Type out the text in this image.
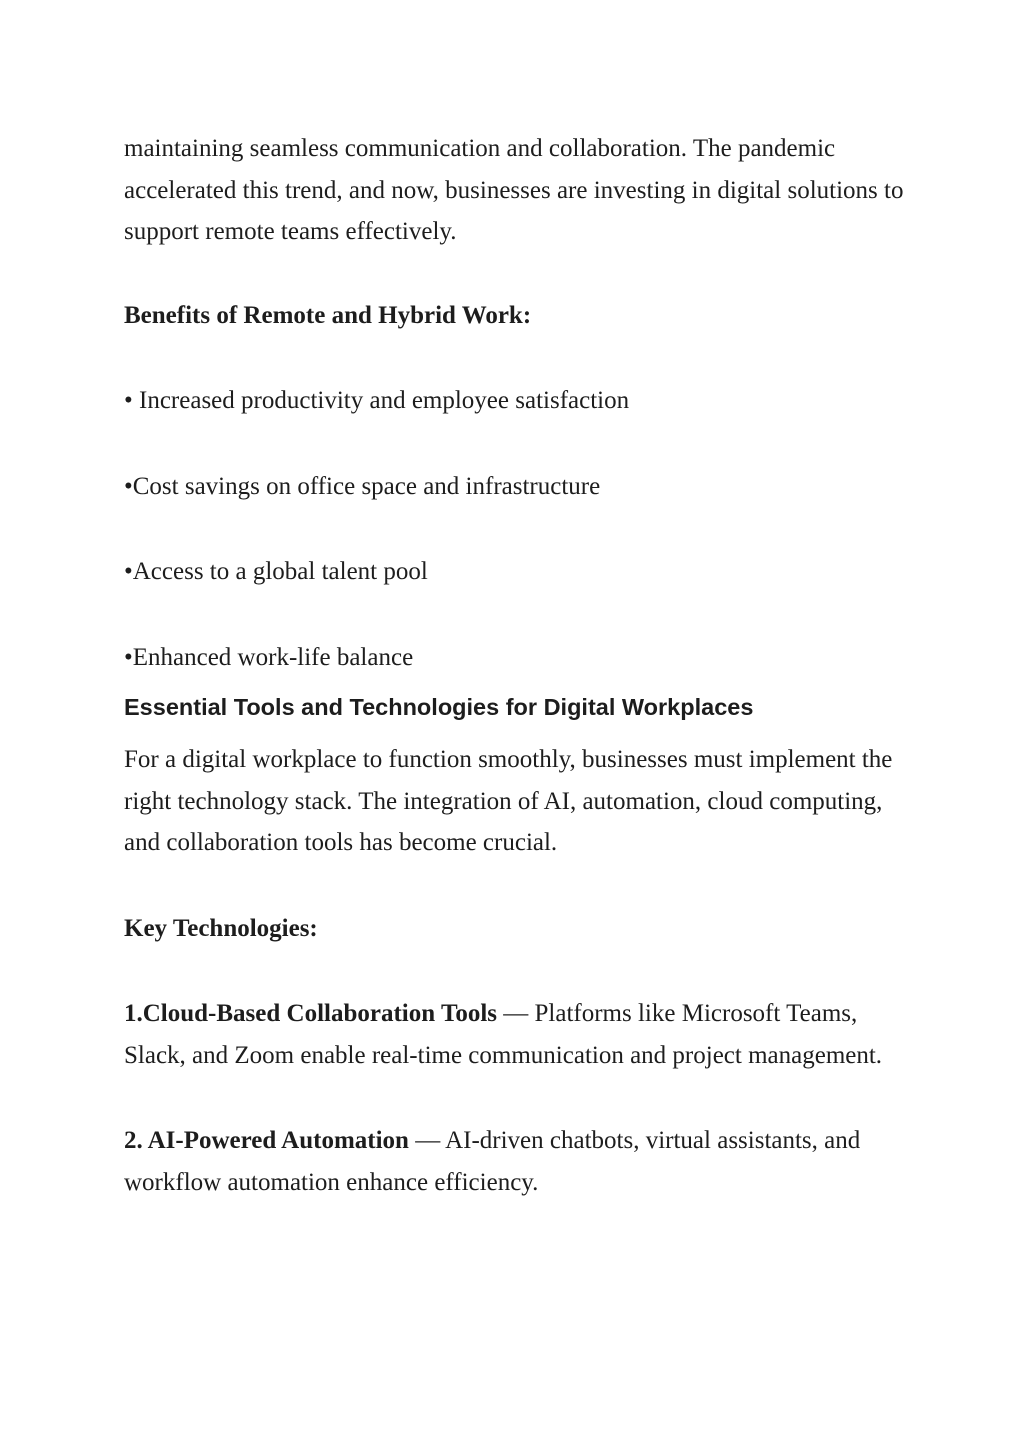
maintaining seamless communication and collaboration. The pandemic accelerated this trend, and now, businesses are investing in digital solutions to support remote teams effectively.

Benefits of Remote and Hybrid Work:

• Increased productivity and employee satisfaction

•Cost savings on office space and infrastructure

•Access to a global talent pool

•Enhanced work-life balance

Essential Tools and Technologies for Digital Workplaces

For a digital workplace to function smoothly, businesses must implement the right technology stack. The integration of AI, automation, cloud computing, and collaboration tools has become crucial.

Key Technologies:

1.Cloud-Based Collaboration Tools — Platforms like Microsoft Teams, Slack, and Zoom enable real-time communication and project management.

2. AI-Powered Automation — AI-driven chatbots, virtual assistants, and workflow automation enhance efficiency.
